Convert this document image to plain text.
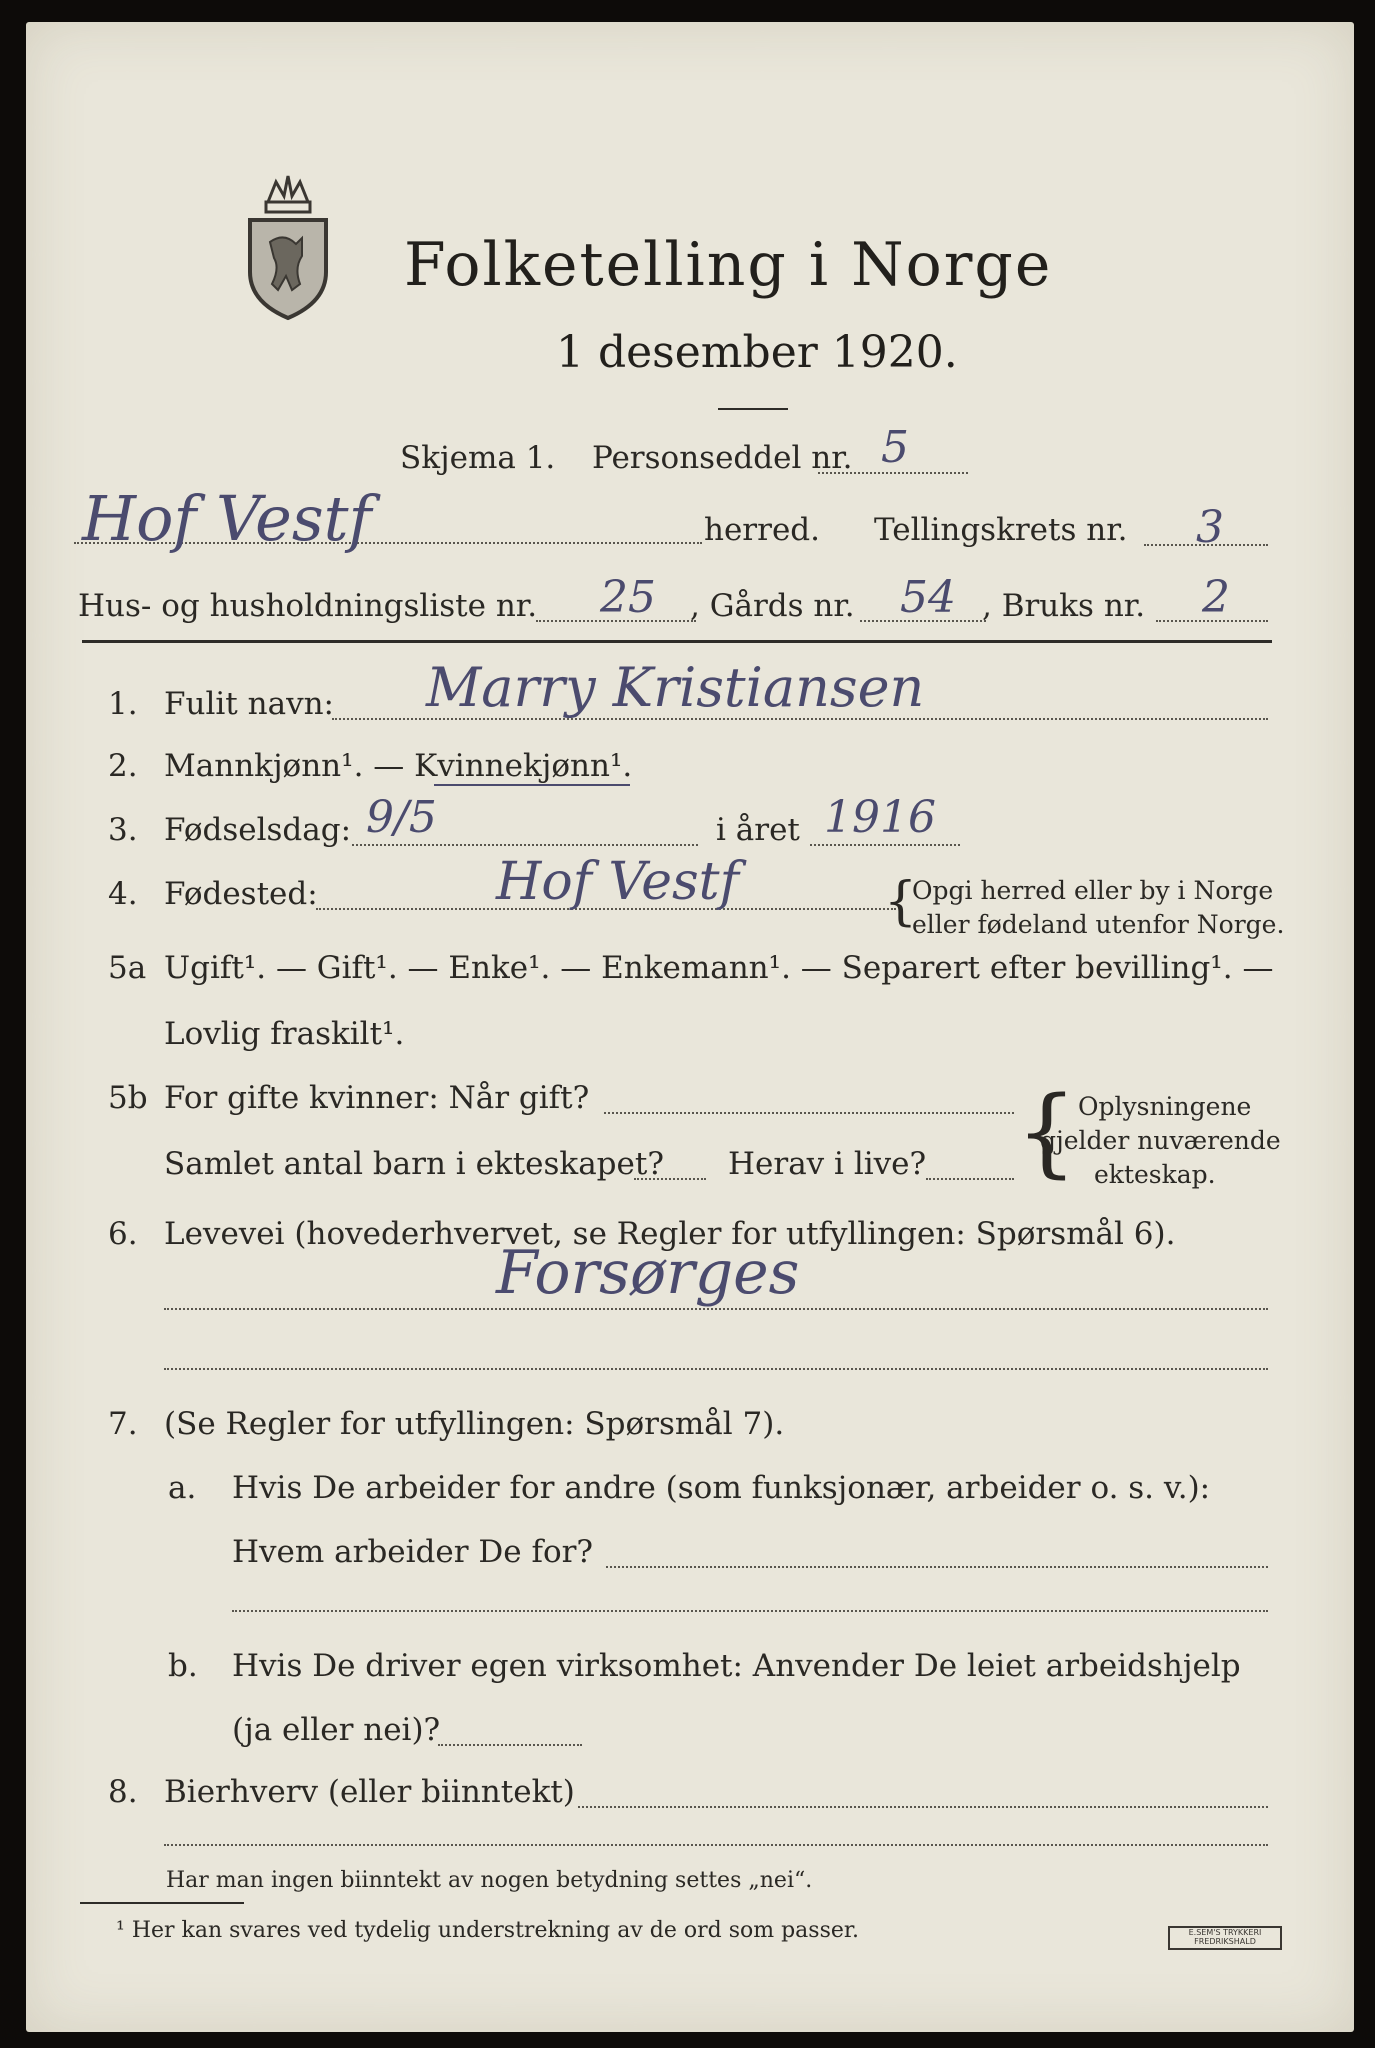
Folketelling i Norge
1 desember 1920.
Skjema 1. Personseddel nr. 5
Hof Vestf	herred. Tellingskrets nr. 3
Hus- og husholdningsliste nr. 25 , Gårds nr. 54 , Bruks nr. 2
1. Fulit navn: Marry Kristiansen
2. Mannkjønn¹. — Kvinnekjønn¹.
3. Fødselsdag: 9/5	i året 1916
4. Fødested:	Hof Vestf	{
Opgi herred eller by i Norge
eller fødeland utenfor Norge.
5a Ugift¹. — Gift¹. — Enke¹. — Enkemann¹. — Separert efter bevilling¹. —
Lovlig fraskilt¹.
5b For gifte kvinner: Når gift?
Samlet antal barn i ekteskapet? Herav i live? { Oplysningene
gjelder nuværende
ekteskap.
6. Levevei (hovederhvervet, se Regler for utfyllingen: Spørsmål 6).
Forsørges
7. (Se Regler for utfyllingen: Spørsmål 7).
a. Hvis De arbeider for andre (som funksjonær, arbeider o. s. v.):
Hvem arbeider De for?
b. Hvis De driver egen virksomhet: Anvender De leiet arbeidshjelp
(ja eller nei)?
8. Bierhverv (eller biinntekt)
Har man ingen biinntekt av nogen betydning settes „nei“.
¹ Her kan svares ved tydelig understrekning av de ord som passer.	E.SEM'S TRYKKERI FREDRIKSHALD
